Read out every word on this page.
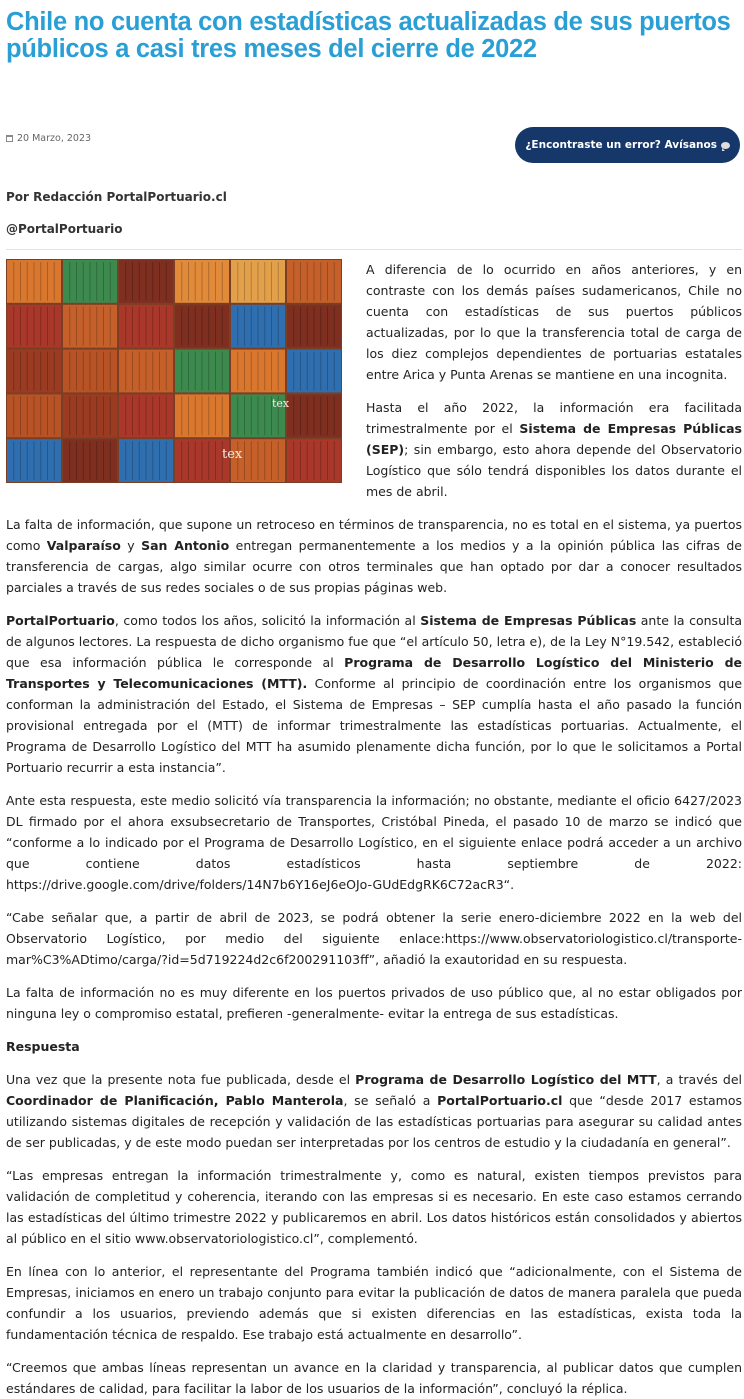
Chile no cuenta con estadísticas actualizadas de sus puertos públicos a casi tres meses del cierre de 2022
20 Marzo, 2023
¿Encontraste un error? Avísanos

Por Redacción PortalPortuario.cl

@PortalPortuario

tex
tex

A diferencia de lo ocurrido en años anteriores, y en contraste con los demás países sudamericanos, Chile no cuenta con estadísticas de sus puertos públicos actualizadas, por lo que la transferencia total de carga de los diez complejos dependientes de portuarias estatales entre Arica y Punta Arenas se mantiene en una incognita.

Hasta el año 2022, la información era facilitada trimestralmente por el Sistema de Empresas Públicas (SEP); sin embargo, esto ahora depende del Observatorio Logístico que sólo tendrá disponibles los datos durante el mes de abril.

La falta de información, que supone un retroceso en términos de transparencia, no es total en el sistema, ya puertos como Valparaíso y San Antonio entregan permanentemente a los medios y a la opinión pública las cifras de transferencia de cargas, algo similar ocurre con otros terminales que han optado por dar a conocer resultados parciales a través de sus redes sociales o de sus propias páginas web.

PortalPortuario, como todos los años, solicitó la información al Sistema de Empresas Públicas ante la consulta de algunos lectores. La respuesta de dicho organismo fue que “el artículo 50, letra e), de la Ley N°19.542, estableció que esa información pública le corresponde al Programa de Desarrollo Logístico del Ministerio de Transportes y Telecomunicaciones (MTT). Conforme al principio de coordinación entre los organismos que conforman la administración del Estado, el Sistema de Empresas – SEP cumplía hasta el año pasado la función provisional entregada por el (MTT) de informar trimestralmente las estadísticas portuarias. Actualmente, el Programa de Desarrollo Logístico del MTT ha asumido plenamente dicha función, por lo que le solicitamos a Portal Portuario recurrir a esta instancia”.

Ante esta respuesta, este medio solicitó vía transparencia la información; no obstante, mediante el oficio 6427/2023 DL firmado por el ahora exsubsecretario de Transportes, Cristóbal Pineda, el pasado 10 de marzo se indicó que “conforme a lo indicado por el Programa de Desarrollo Logístico, en el siguiente enlace podrá acceder a un archivo que contiene datos estadísticos hasta septiembre de 2022: https://drive.google.com/drive/folders/14N7b6Y16eJ6eOJo-GUdEdgRK6C72acR3“.

“Cabe señalar que, a partir de abril de 2023, se podrá obtener la serie enero-diciembre 2022 en la web del Observatorio Logístico, por medio del siguiente enlace:https://www.observatoriologistico.cl/transporte-mar%C3%ADtimo/carga/?id=5d719224d2c6f200291103ff”, añadió la exautoridad en su respuesta.

La falta de información no es muy diferente en los puertos privados de uso público que, al no estar obligados por ninguna ley o compromiso estatal, prefieren -generalmente- evitar la entrega de sus estadísticas.

Respuesta

Una vez que la presente nota fue publicada, desde el Programa de Desarrollo Logístico del MTT, a través del Coordinador de Planificación, Pablo Manterola, se señaló a PortalPortuario.cl que “desde 2017 estamos utilizando sistemas digitales de recepción y validación de las estadísticas portuarias para asegurar su calidad antes de ser publicadas, y de este modo puedan ser interpretadas por los centros de estudio y la ciudadanía en general”.

“Las empresas entregan la información trimestralmente y, como es natural, existen tiempos previstos para validación de completitud y coherencia, iterando con las empresas si es necesario. En este caso estamos cerrando las estadísticas del último trimestre 2022 y publicaremos en abril. Los datos históricos están consolidados y abiertos al público en el sitio www.observatoriologistico.cl”, complementó.

En línea con lo anterior, el representante del Programa también indicó que “adicionalmente, con el Sistema de Empresas, iniciamos en enero un trabajo conjunto para evitar la publicación de datos de manera paralela que pueda confundir a los usuarios, previendo además que si existen diferencias en las estadísticas, exista toda la fundamentación técnica de respaldo. Ese trabajo está actualmente en desarrollo”.

“Creemos que ambas líneas representan un avance en la claridad y transparencia, al publicar datos que cumplen estándares de calidad, para facilitar la labor de los usuarios de la información”, concluyó la réplica.
